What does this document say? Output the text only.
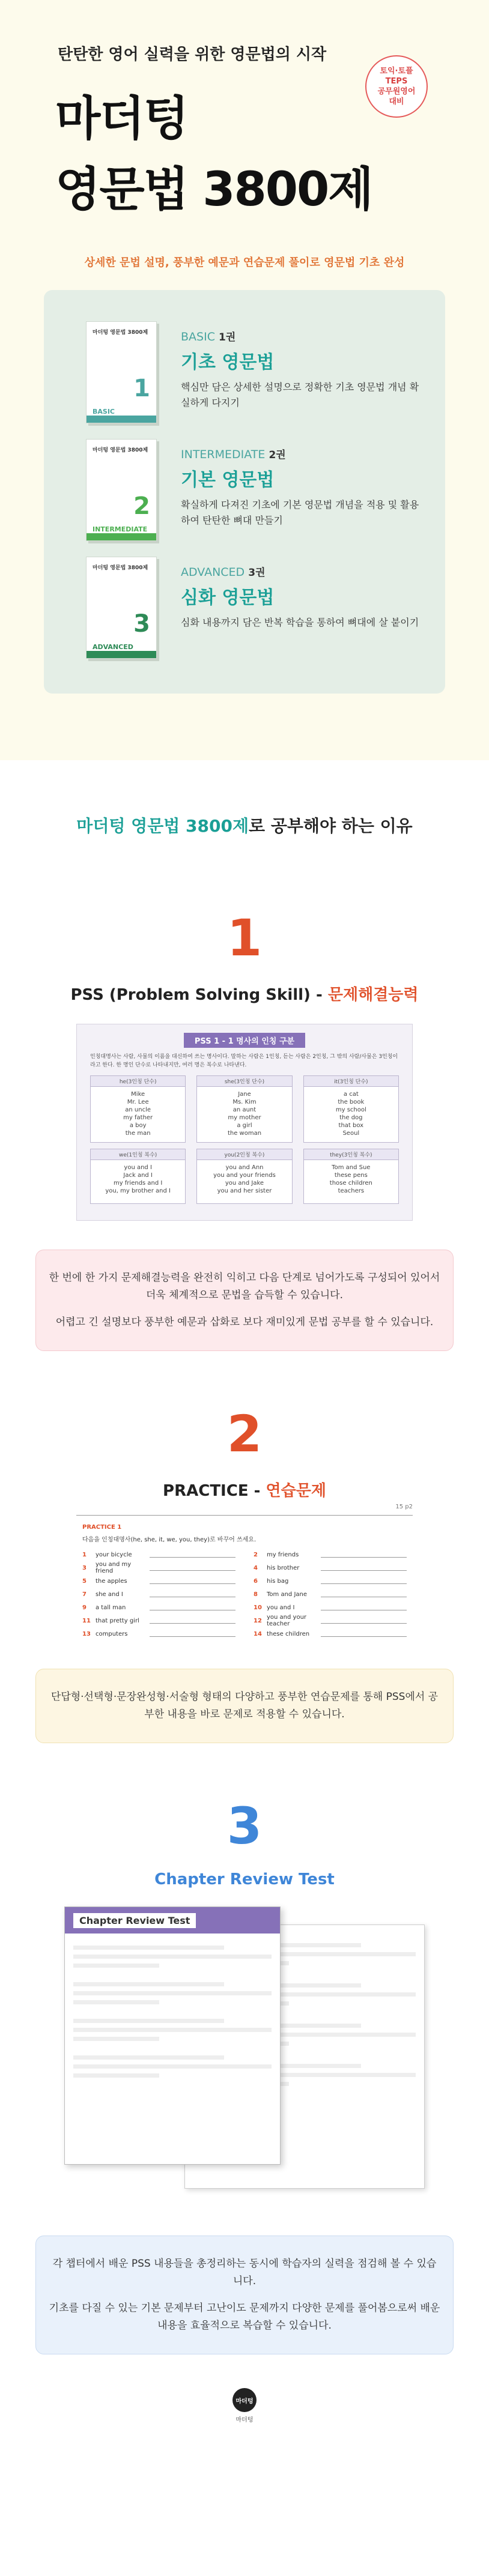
탄탄한 영어 실력을 위한 영문법의 시작
마더텅
영문법 3800제
토익·토플
TEPS
공무원영어
대비
상세한 문법 설명, 풍부한 예문과 연습문제 풀이로 영문법 기초 완성
마더텅 영문법 3800제
BASIC
1
BASIC 1권
기초 영문법
핵심만 담은 상세한 설명으로 정확한 기초 영문법 개념 확실하게 다지기
마더텅 영문법 3800제
INTERMEDIATE
2
INTERMEDIATE 2권
기본 영문법
확실하게 다져진 기초에 기본 영문법 개념을 적용 및 활용하여 탄탄한 뼈대 만들기
마더텅 영문법 3800제
ADVANCED
3
ADVANCED 3권
심화 영문법
심화 내용까지 담은 반복 학습을 통하여 뼈대에 살 붙이기
마더텅 영문법 3800제로 공부해야 하는 이유
1
PSS (Problem Solving Skill) - 문제해결능력
PSS 1 - 1 명사의 인칭 구분
인칭대명사는 사람, 사물의 이름을 대신하여 쓰는 명사이다. 말하는 사람은 1인칭, 듣는 사람은 2인칭, 그 밖의 사람/사물은 3인칭이라고 한다. 한 명인 단수로 나타내지만, 여러 명은 복수로 나타낸다.
he(3인칭 단수)
Mike
Mr. Lee
an uncle
my father
a boy
the man
she(3인칭 단수)
Jane
Ms. Kim
an aunt
my mother
a girl
the woman
it(3인칭 단수)
a cat
the book
my school
the dog
that box
Seoul
we(1인칭 복수)
you and I
Jack and I
my friends and I
you, my brother and I
you(2인칭 복수)
you and Ann
you and your friends
you and Jake
you and her sister
they(3인칭 복수)
Tom and Sue
these pens
those children
teachers

한 번에 한 가지 문제해결능력을 완전히 익히고 다음 단계로 넘어가도록 구성되어 있어서 더욱 체계적으로 문법을 습득할 수 있습니다.

어렵고 긴 설명보다 풍부한 예문과 삽화로 보다 재미있게 문법 공부를 할 수 있습니다.

2
PRACTICE - 연습문제
15 p2
PRACTICE 1
다음을 인칭대명사(he, she, it, we, you, they)로 바꾸어 쓰세요.
1	your bicycle	2	my friends
3	you and my friend	4	his brother
5	the apples	6	his bag
7	she and I	8	Tom and Jane
9	a tall man	10 you and I
11 that pretty girl	12 you and your teacher
13 computers	14 these children

단답형·선택형·문장완성형·서술형 형태의 다양하고 풍부한 연습문제를 통해 PSS에서 공부한 내용을 바로 문제로 적용할 수 있습니다.

3
Chapter Review Test
Chapter Review Test

각 챕터에서 배운 PSS 내용들을 총정리하는 동시에 학습자의 실력을 점검해 볼 수 있습니다.

기초를 다질 수 있는 기본 문제부터 고난이도 문제까지 다양한 문제를 풀어봄으로써 배운 내용을 효율적으로 복습할 수 있습니다.

마더텅
마더텅
